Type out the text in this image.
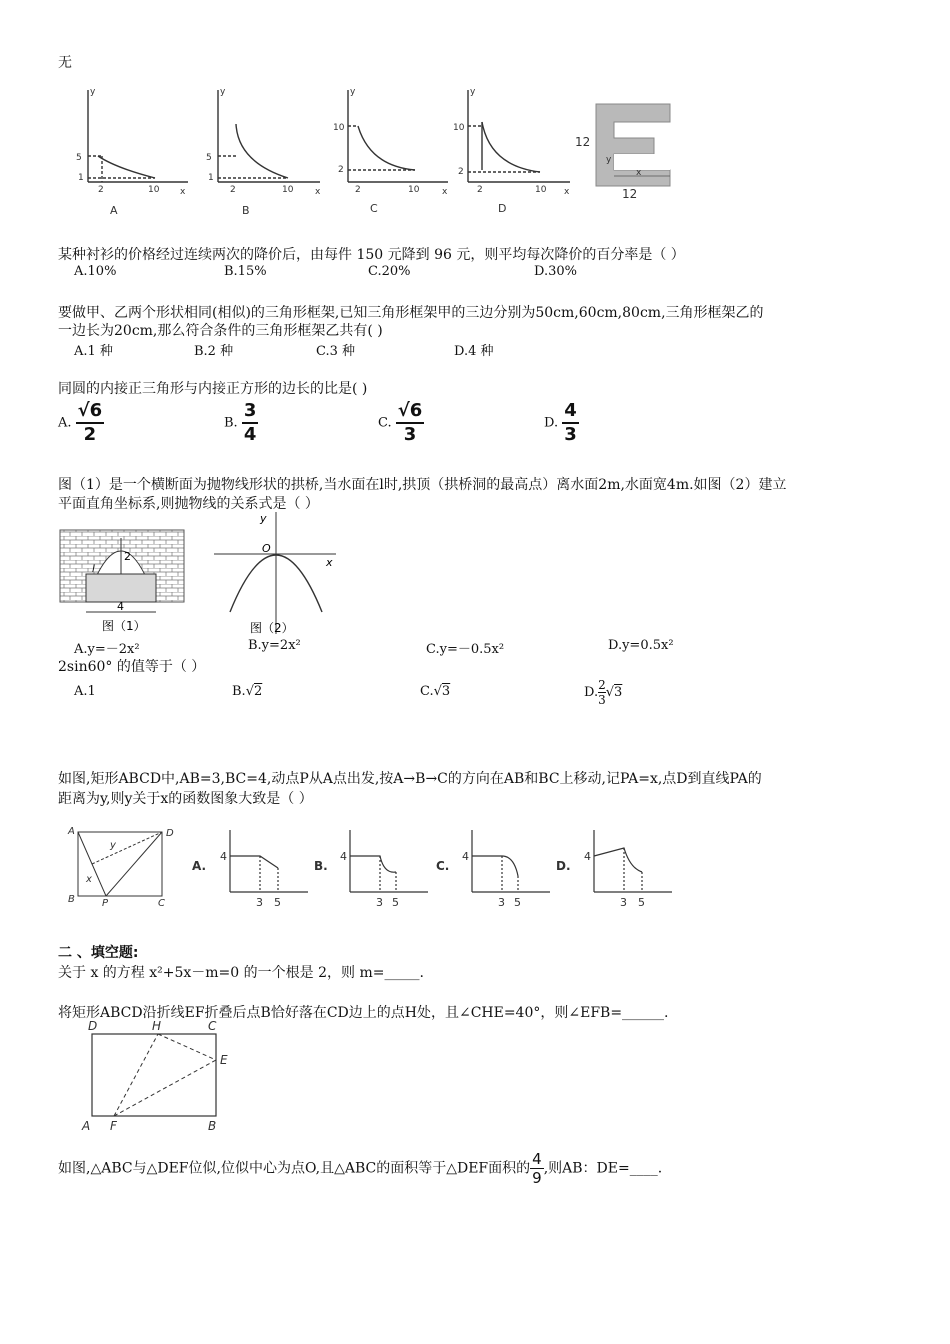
无
y
5
1
2	10 x
y
5
1
2	10 x
y
10
2
2	10	x
y
10
2
2	10 x
A	B	C	D
12
12
y
x
某种衬衫的价格经过连续两次的降价后，由每件 150 元降到 96 元，则平均每次降价的百分率是（ ）
A.10%	B.15%	C.20%	D.30%
要做甲、乙两个形状相同(相似)的三角形框架,已知三角形框架甲的三边分别为50cm,60cm,80cm,三角形框架乙的
一边长为20cm,那么符合条件的三角形框架乙共有( )
A.1 种	B.2 种	C.3 种	D.4 种
同圆的内接正三角形与内接正方形的边长的比是( )
A. $\frac{√6}{2}$	B. $\frac{3}{4}$	C. $\frac{√6}{3}$	D. $\frac{4}{3}$
图（1）是一个横断面为抛物线形状的拱桥,当水面在l时,拱顶（拱桥洞的最高点）离水面2m,水面宽4m.如图（2）建立
平面直角坐标系,则抛物线的关系式是（ ）
2
4
l
图（1）
x
y
O
图（2）
A.y=－2x²	B.y=2x²	C.y=－0.5x²	D.y=0.5x²
2sin60° 的值等于（ ）
A.1	B.√2	C.√3	D. $\frac{2}{3} √3$
如图,矩形ABCD中,AB=3,BC=4,动点P从A点出发,按A→B→C的方向在AB和BC上移动,记PA=x,点D到直线PA的
距离为y,则y关于x的函数图象大致是（ ）
A	D
B	C
P
y
x
A.	B.	C.	D.
4
3 5
4
3 5
4
3 5
4
3 5
二 、填空题:
关于 x 的方程 x²+5x－m=0 的一个根是 2，则 m=_____.
将矩形ABCD沿折线EF折叠后点B恰好落在CD边上的点H处，且∠CHE=40°，则∠EFB=______.
D	H	C
E
A F	B
如图,△ABC与△DEF位似,位似中心为点O,且△ABC的面积等于△DEF面积的 $\frac{4}{9}$ ,则AB：DE=____.
